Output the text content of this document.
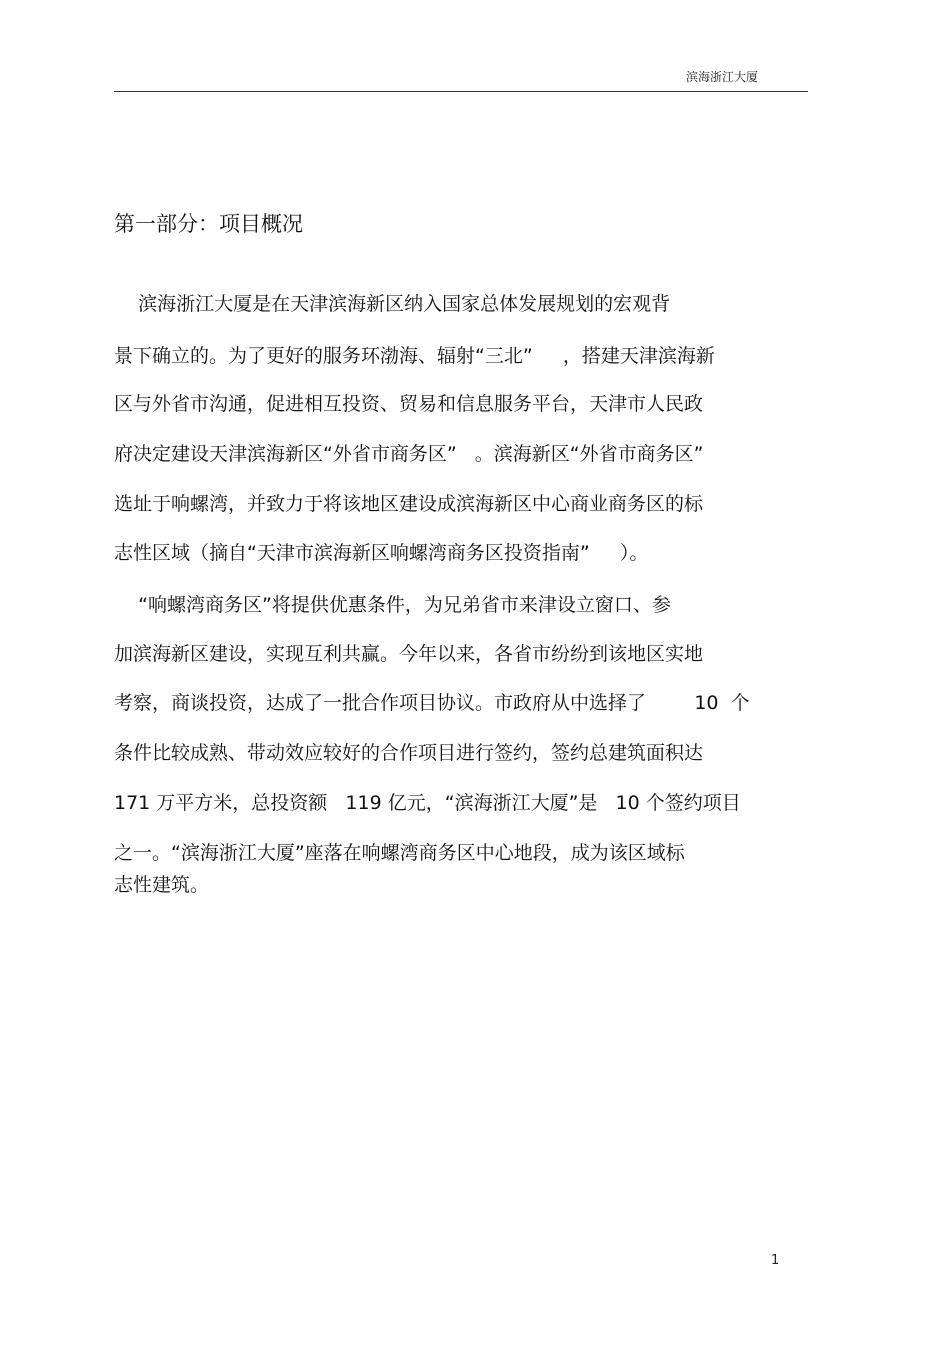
滨海浙江大厦
第一部分：项目概况
滨海浙江大厦是在天津滨海新区纳入国家总体发展规划的宏观背
景下确立的。为了更好的服务环渤海、辐射“三北”     ，搭建天津滨海新
区与外省市沟通，促进相互投资、贸易和信息服务平台，天津市人民政
府决定建设天津滨海新区“外省市商务区”   。滨海新区“外省市商务区”
选址于响螺湾，并致力于将该地区建设成滨海新区中心商业商务区的标
志性区域（摘自“天津市滨海新区响螺湾商务区投资指南”     ）。
“响螺湾商务区”将提供优惠条件，为兄弟省市来津设立窗口、参
加滨海新区建设，实现互利共赢。今年以来，各省市纷纷到该地区实地
考察，商谈投资，达成了一批合作项目协议。市政府从中选择了        10  个
条件比较成熟、带动效应较好的合作项目进行签约，签约总建筑面积达
171 万平方米，总投资额   119 亿元，“滨海浙江大厦”是   10 个签约项目
之一。“滨海浙江大厦”座落在响螺湾商务区中心地段，成为该区域标
志性建筑。
1
